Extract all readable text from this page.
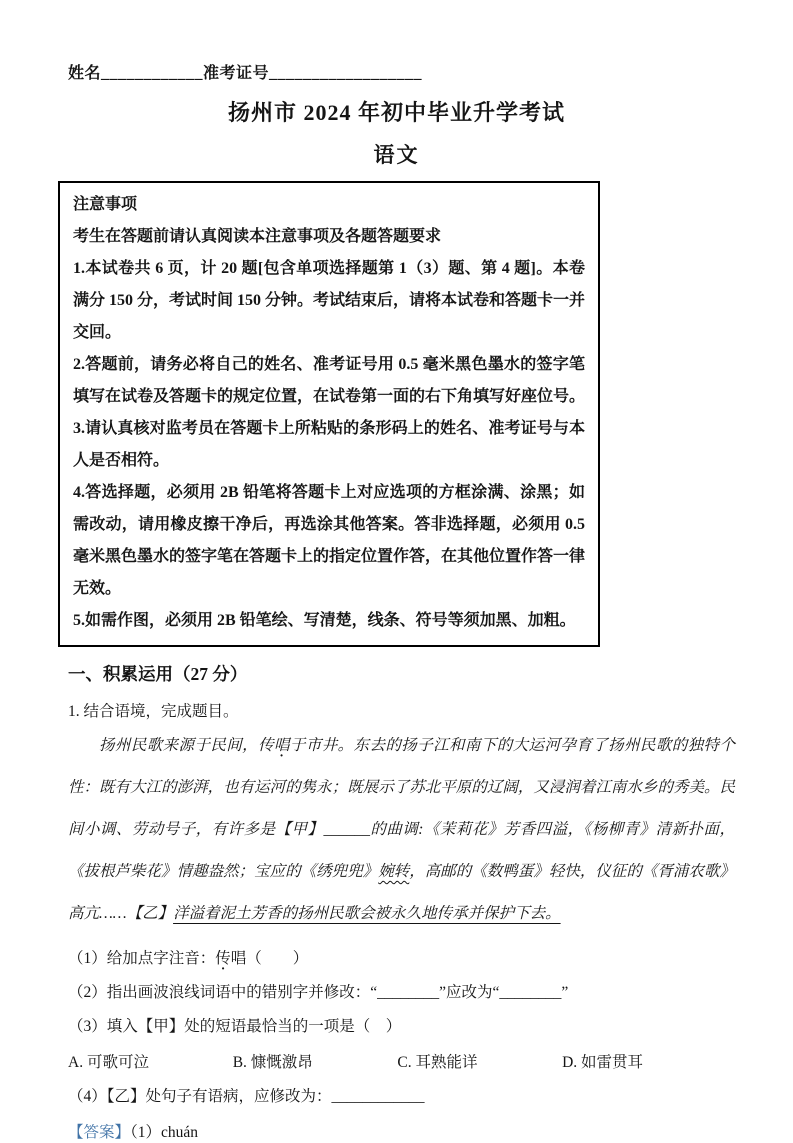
姓名____________准考证号__________________
扬州市 2024 年初中毕业升学考试
语文

注意事项

考生在答题前请认真阅读本注意事项及各题答题要求

1.本试卷共 6 页，计 20 题[包含单项选择题第 1（3）题、第 4 题]。本卷满分 150 分，考试时间 150 分钟。考试结束后，请将本试卷和答题卡一并交回。

2.答题前，请务必将自己的姓名、准考证号用 0.5 毫米黑色墨水的签字笔填写在试卷及答题卡的规定位置，在试卷第一面的右下角填写好座位号。

3.请认真核对监考员在答题卡上所粘贴的条形码上的姓名、准考证号与本人是否相符。

4.答选择题，必须用 2B 铅笔将答题卡上对应选项的方框涂满、涂黑；如需改动，请用橡皮擦干净后，再选涂其他答案。答非选择题，必须用 0.5 毫米黑色墨水的签字笔在答题卡上的指定位置作答，在其他位置作答一律无效。

5.如需作图，必须用 2B 铅笔绘、写清楚，线条、符号等须加黑、加粗。

一、积累运用（27 分）

1. 结合语境，完成题目。

扬州民歌来源于民间，传唱于市井。东去的扬子江和南下的大运河孕育了扬州民歌的独特个性：既有大江的澎湃，也有运河的隽永；既展示了苏北平原的辽阔，又浸润着江南水乡的秀美。民间小调、劳动号子，有许多是【甲】______的曲调:《茉莉花》芳香四溢，《杨柳青》清新扑面，《拔根芦柴花》情趣盎然；宝应的《绣兜兜》婉转，高邮的《数鸭蛋》轻快，仪征的《胥浦农歌》高亢……【乙】洋溢着泥土芳香的扬州民歌会被永久地传承并保护下去。

（1）给加点字注音：传唱（　　）

（2）指出画波浪线词语中的错别字并修改：“________”应改为“________”

（3）填入【甲】处的短语最恰当的一项是（　）

A. 可歌可泣	B. 慷慨激昂	C. 耳熟能详	D. 如雷贯耳

（4）【乙】处句子有语病，应修改为：____________

【答案】（1）chuán
